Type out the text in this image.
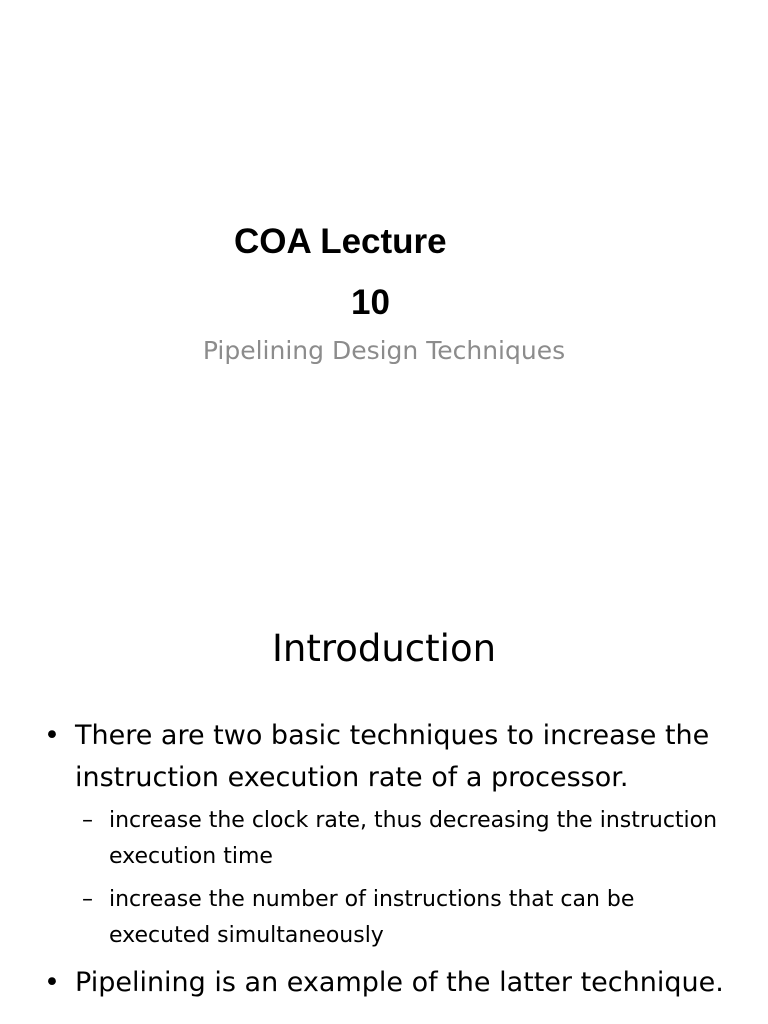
COA Lecture
10
Pipelining Design Techniques
Introduction
• There are two basic techniques to increase the instruction execution rate of a processor.
– increase the clock rate, thus decreasing the instruction execution time
– increase the number of instructions that can be executed simultaneously
• Pipelining is an example of the latter technique.
